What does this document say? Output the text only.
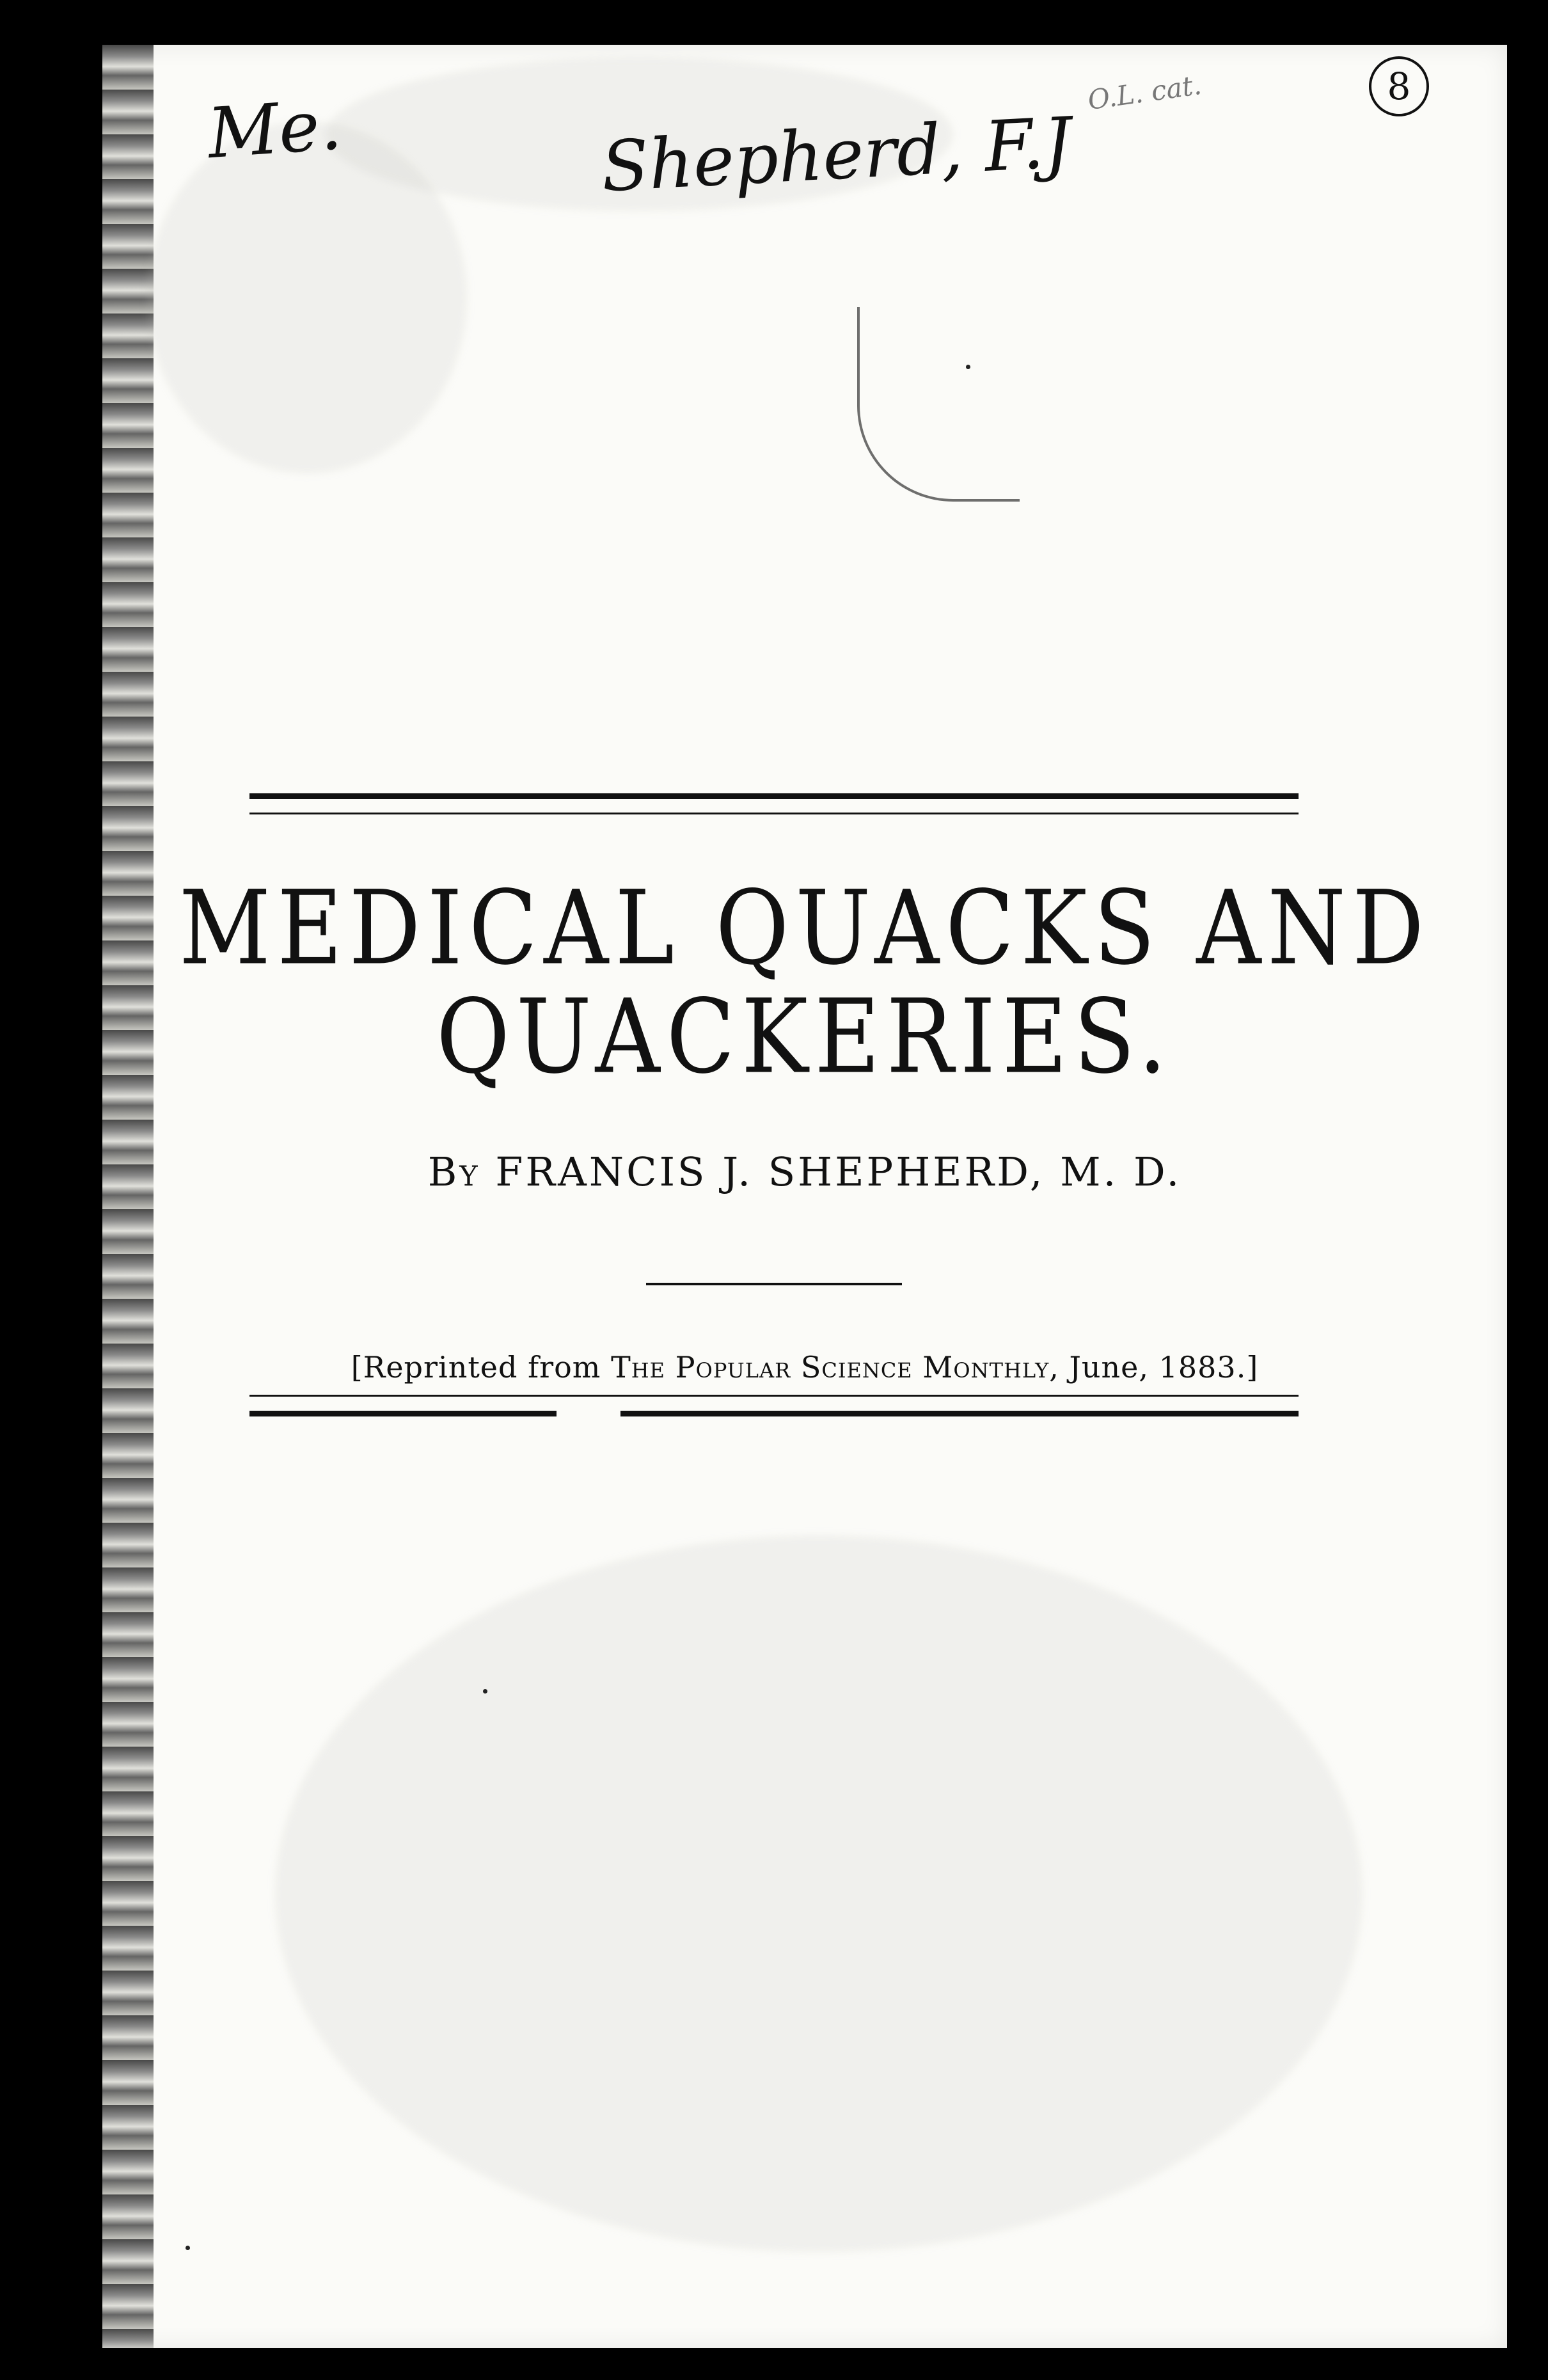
Me.	Shepherd, F.J
O.L. cat.	8
MEDICAL QUACKS AND
QUACKERIES.
By FRANCIS J. SHEPHERD, M. D.
[Reprinted from The Popular Science Monthly, June, 1883.]
